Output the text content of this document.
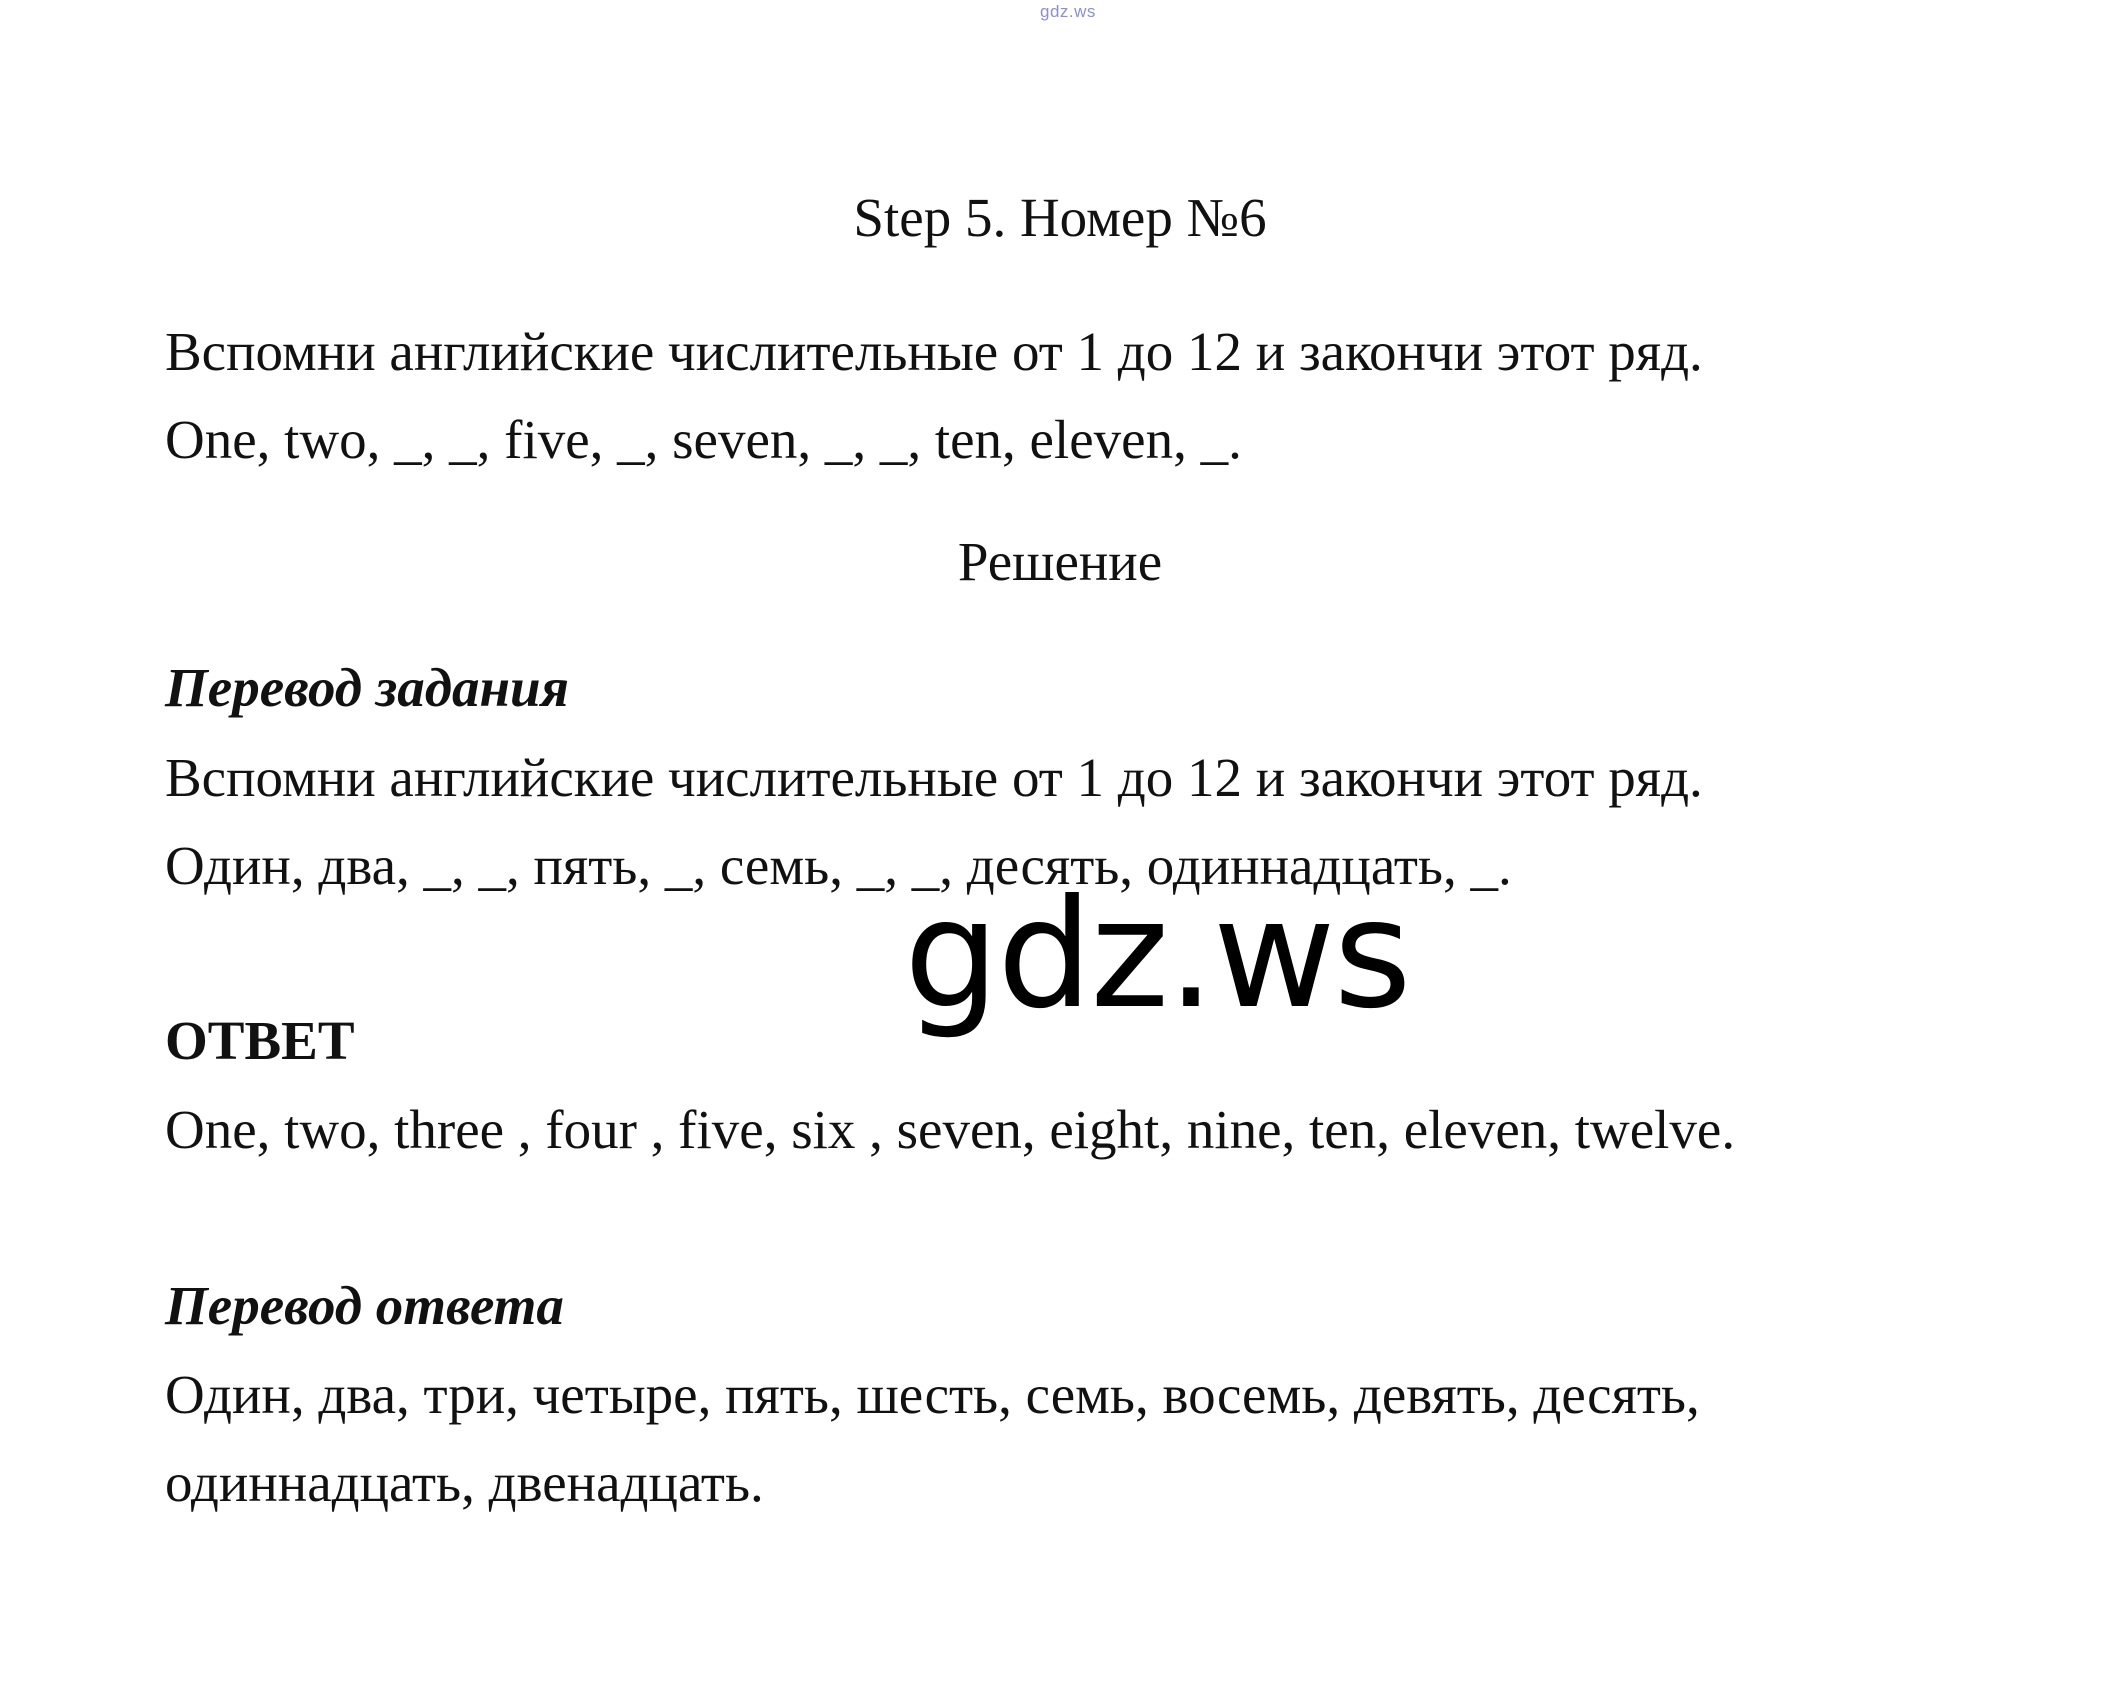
gdz.ws
Step 5. Номер №6
Вспомни английские числительные от 1 до 12 и закончи этот ряд.
One, two, _, _, five, _, seven, _, _, ten, eleven, _.
Решение
Перевод задания
Вспомни английские числительные от 1 до 12 и закончи этот ряд.
Один, два, _, _, пять, _, семь, _, _, десять, одиннадцать, _.
ОТВЕТ
One, two, three , four , five, six , seven, eight, nine, ten, eleven, twelve.
Перевод ответа
Один, два, три, четыре, пять, шесть, семь, восемь, девять, десять,
одиннадцать, двенадцать.
gdz.ws
